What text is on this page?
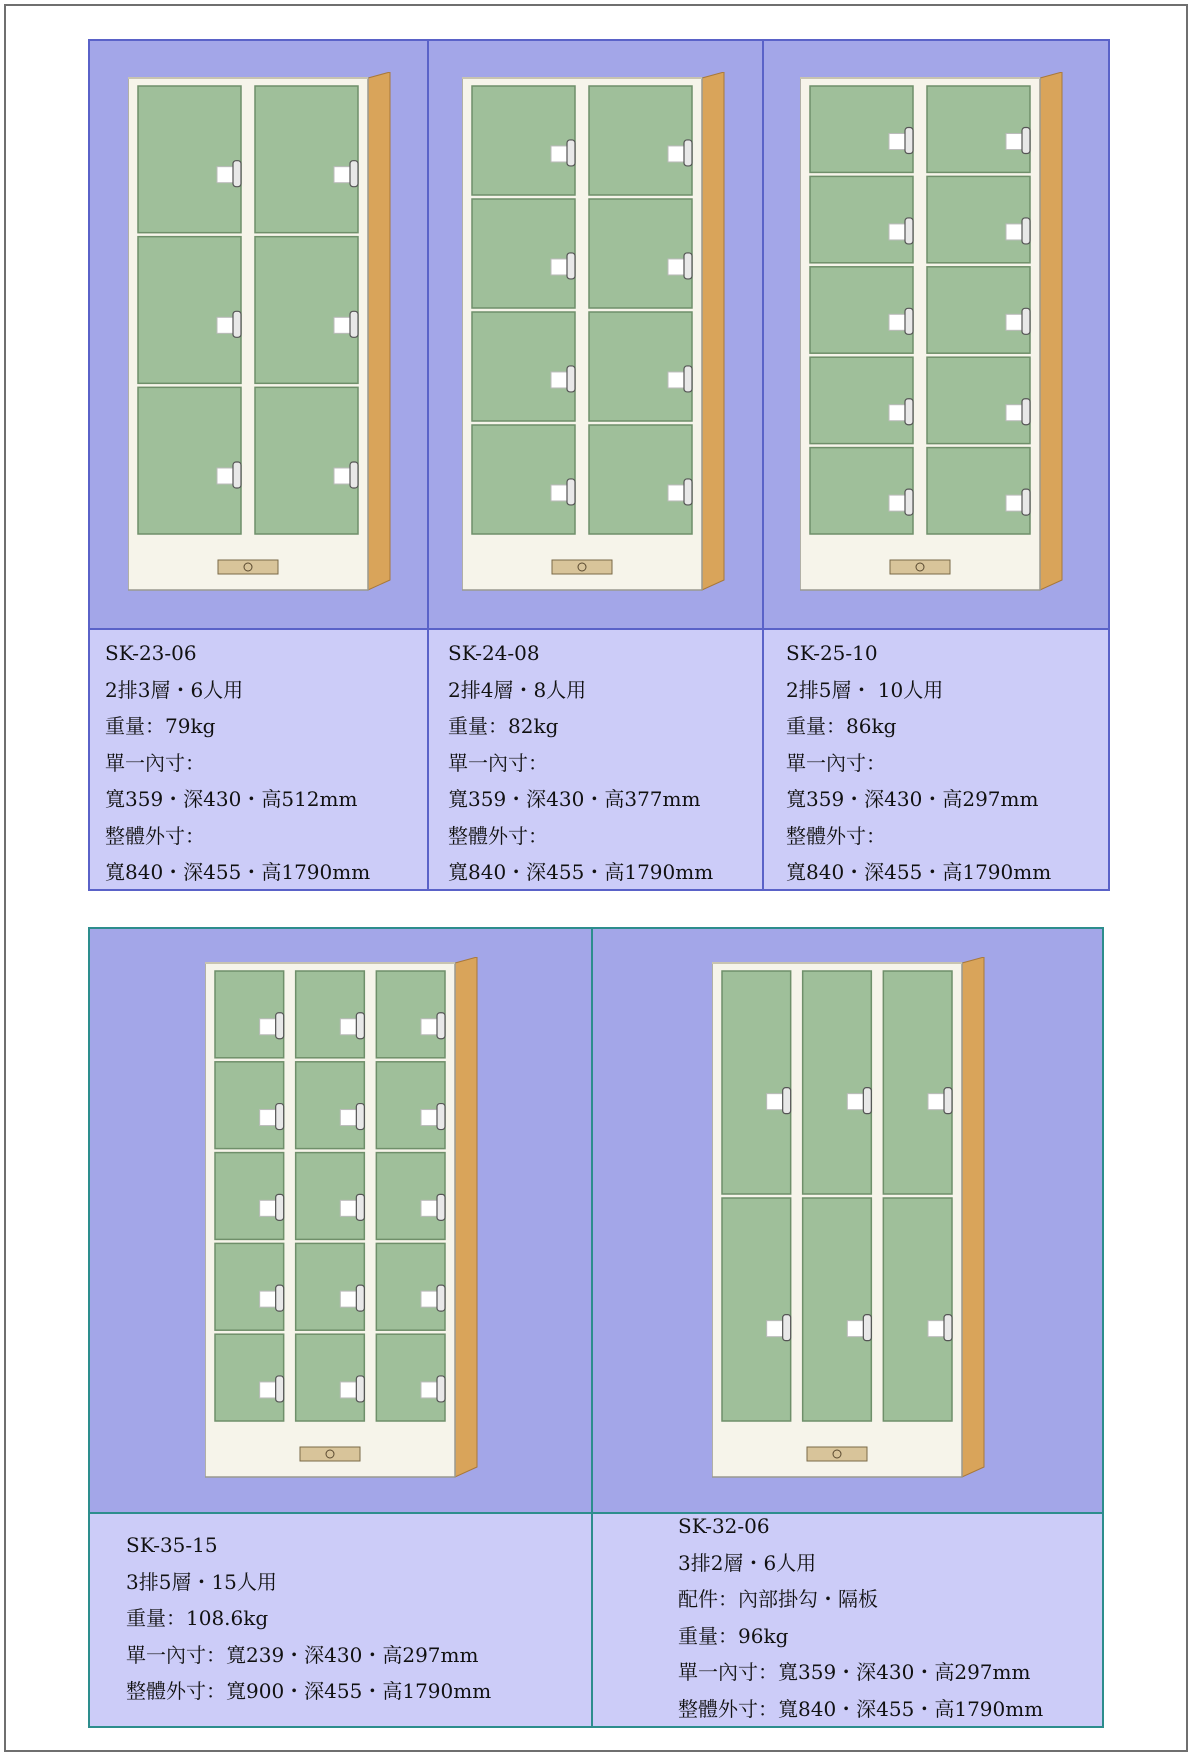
SK-23-06
2排3層・6人用
重量：79kg
單一內寸：
寬359・深430・高512mm
整體外寸：
寬840・深455・高1790mm
SK-24-08
2排4層・8人用
重量：82kg
單一內寸：
寬359・深430・高377mm
整體外寸：
寬840・深455・高1790mm
SK-25-10
2排5層・ 10人用
重量：86kg
單一內寸：
寬359・深430・高297mm
整體外寸：
寬840・深455・高1790mm
SK-35-15
3排5層・15人用
重量：108.6kg
單一內寸：寬239・深430・高297mm
整體外寸：寬900・深455・高1790mm
SK-32-06
3排2層・6人用
配件：內部掛勾・隔板
重量：96kg
單一內寸：寬359・深430・高297mm
整體外寸：寬840・深455・高1790mm
